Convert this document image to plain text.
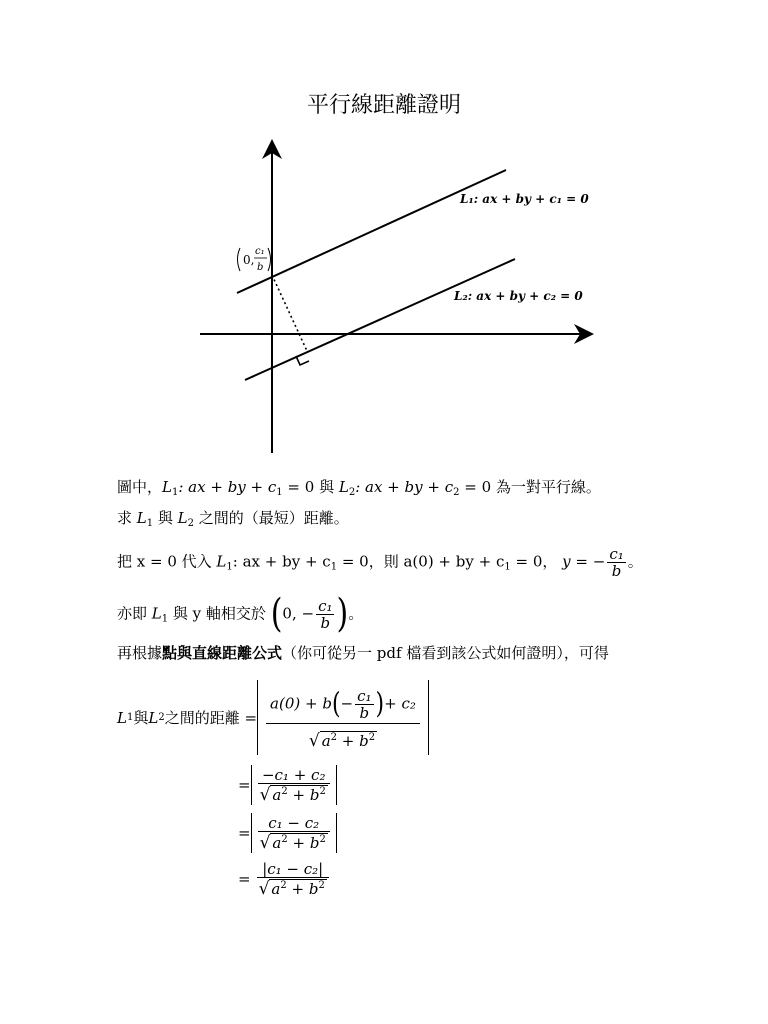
平行線距離證明
L₁: ax + by + c₁ = 0
L₂: ax + by + c₂ = 0
0,
c₁
b
圖中，$L_1$: ax + by + $c_1 = 0$ 與 $L_2$: ax + by + $c_2 = 0$ 為一對平行線。
求 $L_1$ 與 $L_2$ 之間的（最短）距離。
把 x = 0 代入 $L_1$: ax + by + $c_1 = 0$，則 a(0) + by + $c_1 = 0$， y = − $\frac{\text{c₁}}{b}$ 。
亦即 $L_1$ 與 y 軸相交於 (0, − $\frac{\text{c₁}}{b}$ )。
再根據點與直線距離公式（你可從另一 pdf 檔看到該公式如何證明），可得
L 1 與 L 2 之間的距離 = $\frac{a(0) + b(- \frac{\text{c₁}}{b} )+ c_2}{√ a^2 + b^2}$
= $\frac{\text{−c₁ + c₂}}{√ a^2 + b^2}$
= $\frac{\text{c₁ − c₂}}{√ a^2 + b^2}$
= $\frac{\text{|c₁ − c₂|}}{√ a^2 + b^2}$
